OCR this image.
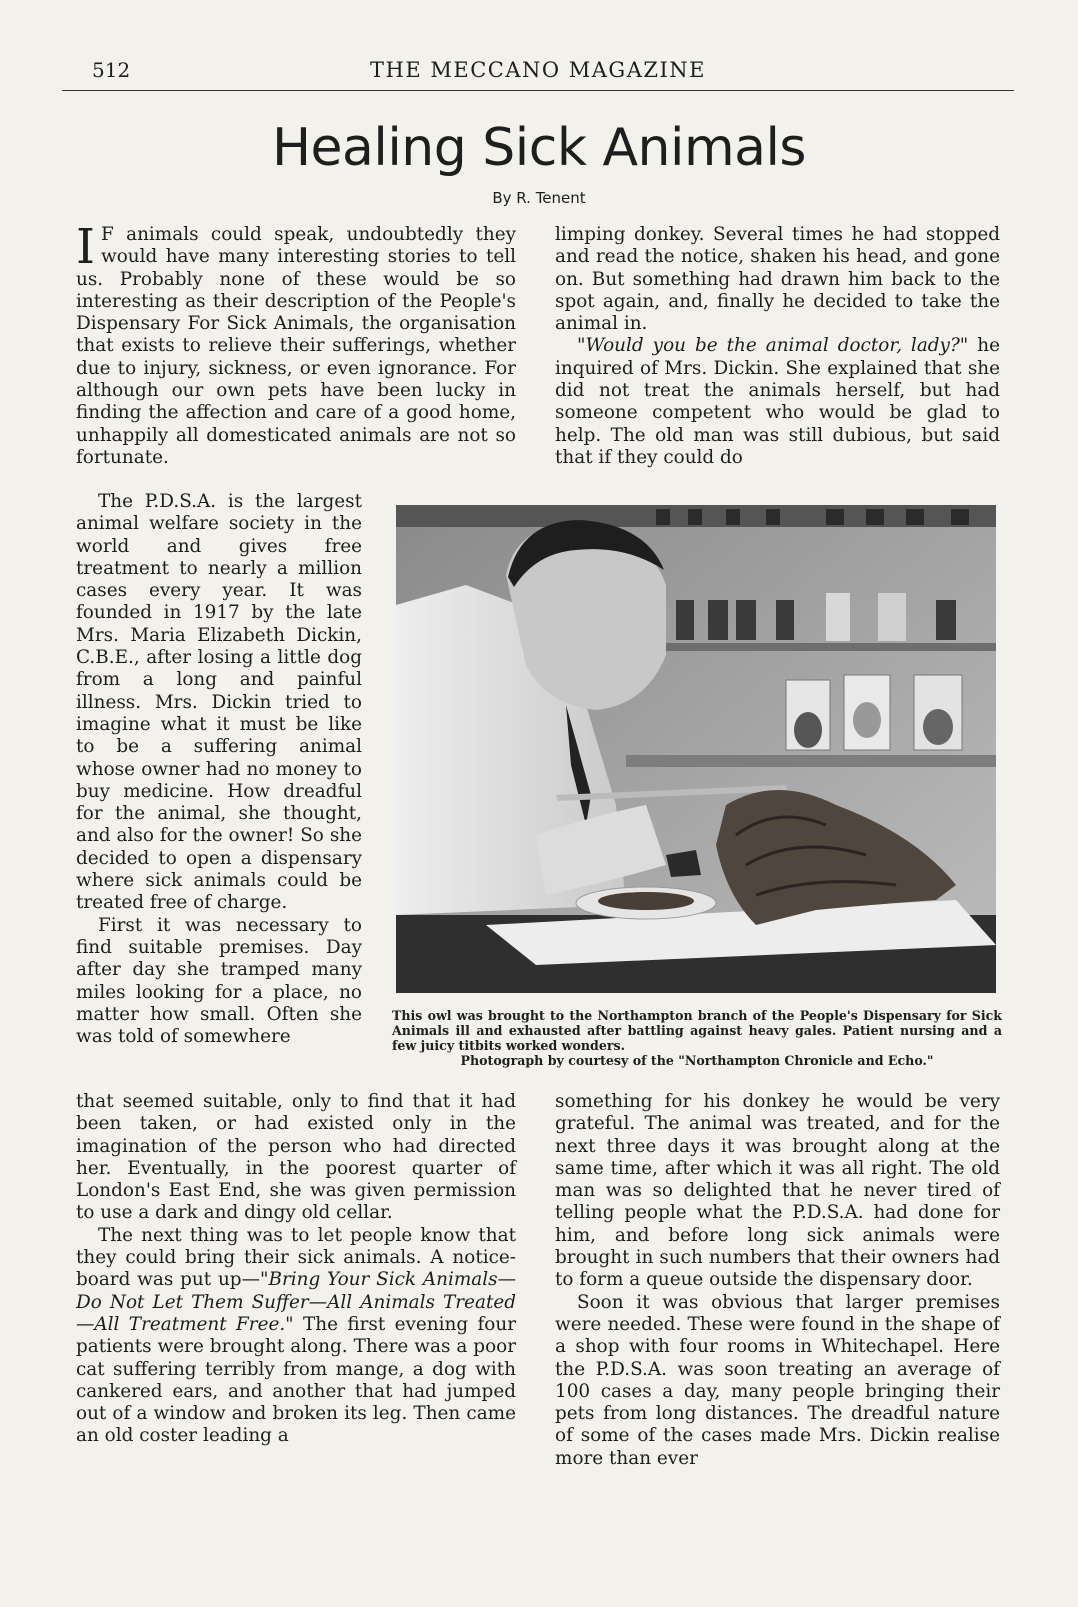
512	THE MECCANO MAGAZINE
Healing Sick Animals
By R. Tenent

I F animals could speak, undoubtedly they would have many interesting stories to tell us. Probably none of these would be so interesting as their description of the People's Dispensary For Sick Animals, the organisation that exists to relieve their sufferings, whether due to injury, sickness, or even ignorance. For although our own pets have been lucky in finding the affection and care of a good home, unhappily all domesticated animals are not so fortunate.

limping donkey. Several times he had stopped and read the notice, shaken his head, and gone on. But something had drawn him back to the spot again, and, finally he decided to take the animal in.

"Would you be the animal doctor, lady?" he inquired of Mrs. Dickin. She explained that she did not treat the animals herself, but had someone competent who would be glad to help. The old man was still dubious, but said that if they could do

The P.D.S.A. is the largest animal welfare society in the world and gives free treatment to nearly a million cases every year. It was founded in 1917 by the late Mrs. Maria Elizabeth Dickin, C.B.E., after losing a little dog from a long and painful illness. Mrs. Dickin tried to imagine what it must be like to be a suffering animal whose owner had no money to buy medicine. How dreadful for the animal, she thought, and also for the owner! So she decided to open a dispensary where sick animals could be treated free of charge.

First it was necessary to find suitable premises. Day after day she tramped many miles looking for a place, no matter how small. Often she was told of somewhere

This owl was brought to the Northampton branch of the People's Dispensary for Sick Animals ill and exhausted after battling against heavy gales. Patient nursing and a few juicy titbits worked wonders.
Photograph by courtesy of the "Northampton Chronicle and Echo."

that seemed suitable, only to find that it had been taken, or had existed only in the imagination of the person who had directed her. Eventually, in the poorest quarter of London's East End, she was given permission to use a dark and dingy old cellar.

The next thing was to let people know that they could bring their sick animals. A notice-board was put up—"Bring Your Sick Animals—Do Not Let Them Suffer—All Animals Treated—All Treatment Free." The first evening four patients were brought along. There was a poor cat suffering terribly from mange, a dog with cankered ears, and another that had jumped out of a window and broken its leg. Then came an old coster leading a

something for his donkey he would be very grateful. The animal was treated, and for the next three days it was brought along at the same time, after which it was all right. The old man was so delighted that he never tired of telling people what the P.D.S.A. had done for him, and before long sick animals were brought in such numbers that their owners had to form a queue outside the dispensary door.

Soon it was obvious that larger premises were needed. These were found in the shape of a shop with four rooms in Whitechapel. Here the P.D.S.A. was soon treating an average of 100 cases a day, many people bringing their pets from long distances. The dreadful nature of some of the cases made Mrs. Dickin realise more than ever
